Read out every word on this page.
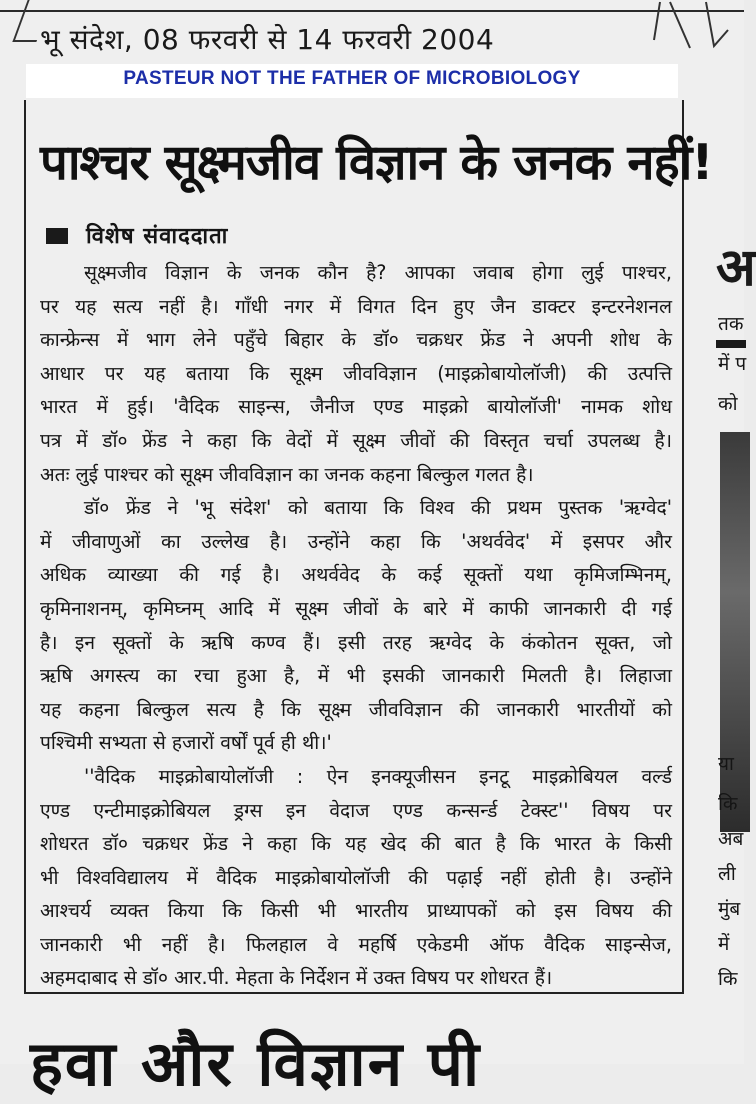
भू संदेश, 08 फरवरी से 14 फरवरी 2004
PASTEUR NOT THE FATHER OF MICROBIOLOGY
पाश्चर सूक्ष्मजीव विज्ञान के जनक नहीं!
विशेष संवाददाता
सूक्ष्मजीव विज्ञान के जनक कौन है? आपका जवाब होगा लुई पाश्चर,
पर यह सत्य नहीं है। गाँधी नगर में विगत दिन हुए जैन डाक्टर इन्टरनेशनल
कान्फ्रेन्स में भाग लेने पहुँचे बिहार के डॉ० चक्रधर फ्रेंड ने अपनी शोध के
आधार पर यह बताया कि सूक्ष्म जीवविज्ञान (माइक्रोबायोलॉजी) की उत्पत्ति
भारत में हुई। 'वैदिक साइन्स, जैनीज एण्ड माइक्रो बायोलॉजी' नामक शोध
पत्र में डॉ० फ्रेंड ने कहा कि वेदों में सूक्ष्म जीवों की विस्तृत चर्चा उपलब्ध है।
अतः लुई पाश्चर को सूक्ष्म जीवविज्ञान का जनक कहना बिल्कुल गलत है।
डॉ० फ्रेंड ने 'भू संदेश' को बताया कि विश्व की प्रथम पुस्तक 'ऋग्वेद'
में जीवाणुओं का उल्लेख है। उन्होंने कहा कि 'अथर्ववेद' में इसपर और
अधिक व्याख्या की गई है। अथर्ववेद के कई सूक्तों यथा कृमिजम्भिनम्,
कृमिनाशनम्, कृमिघ्नम् आदि में सूक्ष्म जीवों के बारे में काफी जानकारी दी गई
है। इन सूक्तों के ऋषि कण्व हैं। इसी तरह ऋग्वेद के कंकोतन सूक्त, जो
ऋषि अगस्त्य का रचा हुआ है, में भी इसकी जानकारी मिलती है। लिहाजा
यह कहना बिल्कुल सत्य है कि सूक्ष्म जीवविज्ञान की जानकारी भारतीयों को
पश्चिमी सभ्यता से हजारों वर्षों पूर्व ही थी।'
''वैदिक माइक्रोबायोलॉजी : ऐन इनक्यूजीसन इनटू माइक्रोबियल वर्ल्ड
एण्ड एन्टीमाइक्रोबियल ड्रग्स इन वेदाज एण्ड कन्सर्न्ड टेक्स्ट'' विषय पर
शोधरत डॉ० चक्रधर फ्रेंड ने कहा कि यह खेद की बात है कि भारत के किसी
भी विश्वविद्यालय में वैदिक माइक्रोबायोलॉजी की पढ़ाई नहीं होती है। उन्होंने
आश्चर्य व्यक्त किया कि किसी भी भारतीय प्राध्यापकों को इस विषय की
जानकारी भी नहीं है। फिलहाल वे महर्षि एकेडमी ऑफ वैदिक साइन्सेज,
अहमदाबाद से डॉ० आर.पी. मेहता के निर्देशन में उक्त विषय पर शोधरत हैं।
अ
तक
में प
को
या
कि
अब
ली
मुंब
में
कि
हवा और विज्ञान पी
